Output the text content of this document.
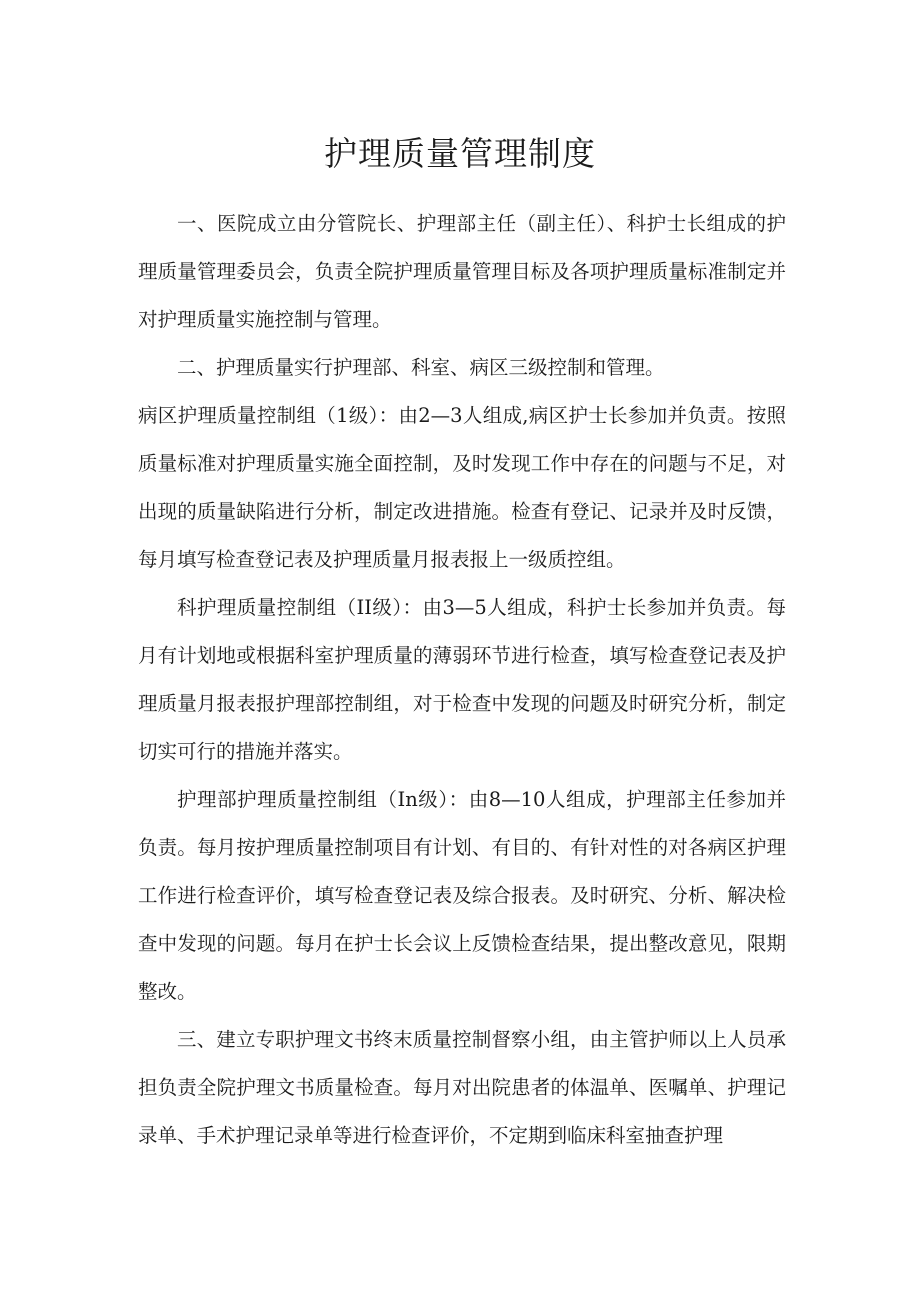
护理质量管理制度

一、医院成立由分管院长、护理部主任（副主任）、科护士长组成的护理质量管理委员会，负责全院护理质量管理目标及各项护理质量标准制定并对护理质量实施控制与管理。

二、护理质量实行护理部、科室、病区三级控制和管理。

病区护理质量控制组（1级）：由2—3人组成,病区护士长参加并负责。按照质量标准对护理质量实施全面控制，及时发现工作中存在的问题与不足，对出现的质量缺陷进行分析，制定改进措施。检查有登记、记录并及时反馈，每月填写检查登记表及护理质量月报表报上一级质控组。

科护理质量控制组（II级）：由3—5人组成，科护士长参加并负责。每月有计划地或根据科室护理质量的薄弱环节进行检查，填写检查登记表及护理质量月报表报护理部控制组，对于检查中发现的问题及时研究分析，制定切实可行的措施并落实。

护理部护理质量控制组（In级）：由8—10人组成，护理部主任参加并负责。每月按护理质量控制项目有计划、有目的、有针对性的对各病区护理工作进行检查评价，填写检查登记表及综合报表。及时研究、分析、解决检查中发现的问题。每月在护士长会议上反馈检查结果，提出整改意见，限期整改。

三、建立专职护理文书终末质量控制督察小组，由主管护师以上人员承担负责全院护理文书质量检查。每月对出院患者的体温单、医嘱单、护理记录单、手术护理记录单等进行检查评价，不定期到临床科室抽查护理
